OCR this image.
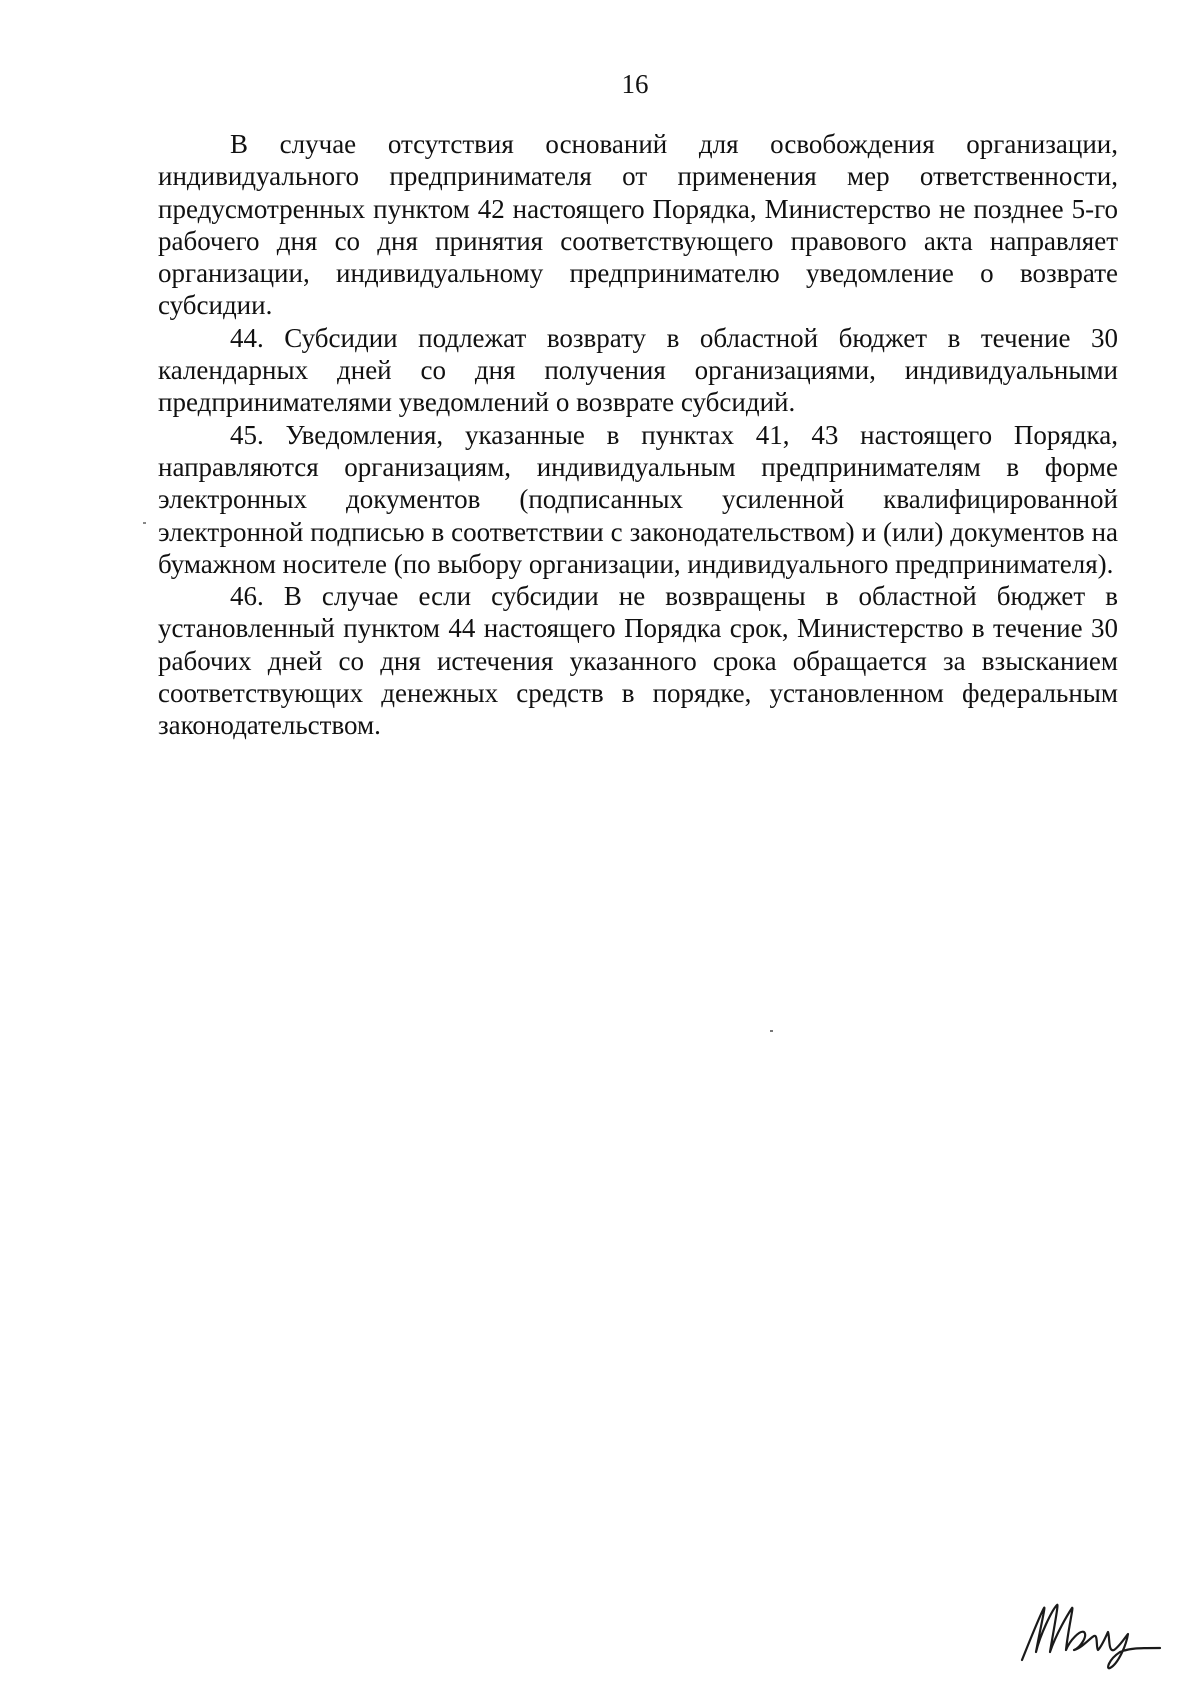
16

В случае отсутствия оснований для освобождения организации, индивидуального предпринимателя от применения мер ответственности, предусмотренных пунктом 42 настоящего Порядка, Министерство не позднее 5-го рабочего дня со дня принятия соответствующего правового акта направляет организации, индивидуальному предпринимателю уведомление о возврате субсидии.

44. Субсидии подлежат возврату в областной бюджет в течение 30 календарных дней со дня получения организациями, индивидуальными предпринимателями уведомлений о возврате субсидий.

45. Уведомления, указанные в пунктах 41, 43 настоящего Порядка, направляются организациям, индивидуальным предпринимателям в форме электронных документов (подписанных усиленной квалифицированной электронной подписью в соответствии с законодательством) и (или) документов на бумажном носителе (по выбору организации, индивидуального предпринимателя).

46. В случае если субсидии не возвращены в областной бюджет в установленный пунктом 44 настоящего Порядка срок, Министерство в течение 30 рабочих дней со дня истечения указанного срока обращается за взысканием соответствующих денежных средств в порядке, установленном федеральным законодательством.
